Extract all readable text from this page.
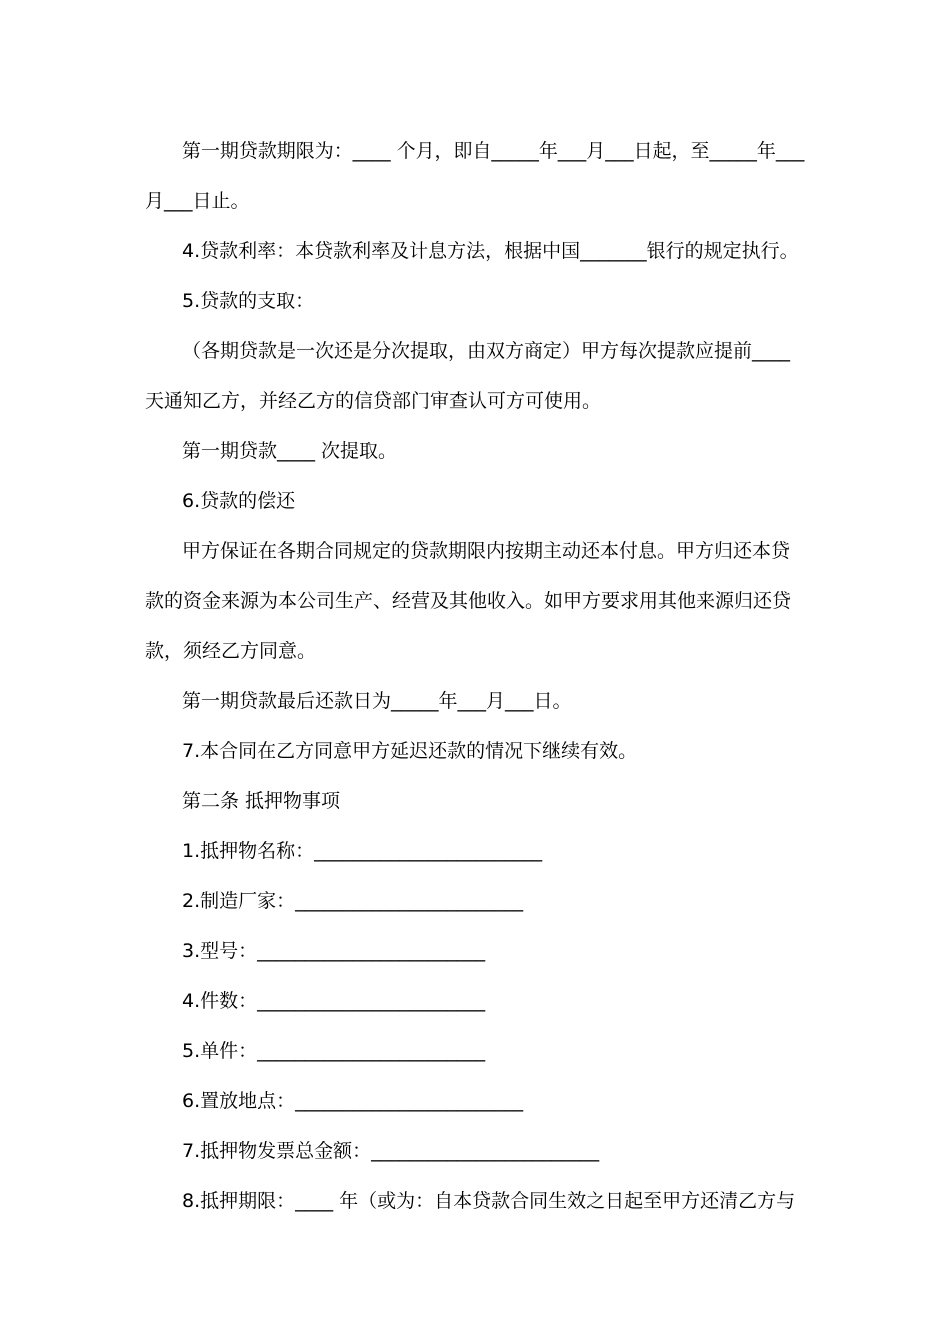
第一期贷款期限为：____ 个月，即自_____年___月___日起，至_____年___
月___日止。
4.贷款利率：本贷款利率及计息方法，根据中国_______银行的规定执行。
5.贷款的支取：
（各期贷款是一次还是分次提取，由双方商定）甲方每次提款应提前____
天通知乙方，并经乙方的信贷部门审查认可方可使用。
第一期贷款____ 次提取。
6.贷款的偿还
甲方保证在各期合同规定的贷款期限内按期主动还本付息。甲方归还本贷
款的资金来源为本公司生产、经营及其他收入。如甲方要求用其他来源归还贷
款，须经乙方同意。
第一期贷款最后还款日为_____年___月___日。
7.本合同在乙方同意甲方延迟还款的情况下继续有效。
第二条 抵押物事项
1.抵押物名称：________________________
2.制造厂家：________________________
3.型号：________________________
4.件数：________________________
5.单件：________________________
6.置放地点：________________________
7.抵押物发票总金额：________________________
8.抵押期限：____ 年（或为：自本贷款合同生效之日起至甲方还清乙方与
